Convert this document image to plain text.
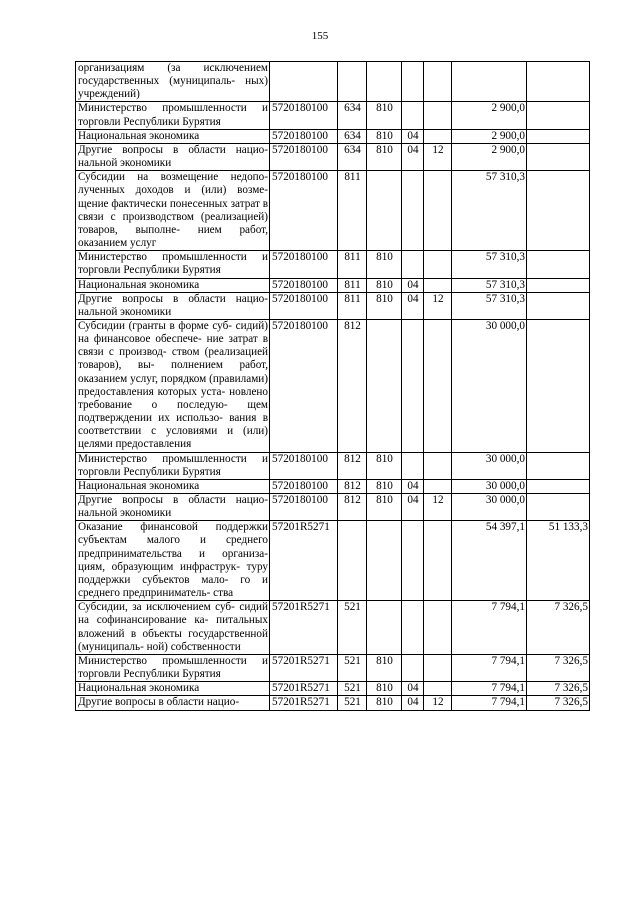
155
организациям (за исключением государственных (муниципаль- ных) учреждений)							
Министерство промышленности и торговли Республики Бурятия	5720180100	634	810			2 900,0	
Национальная экономика	5720180100	634	810	04		2 900,0	
Другие вопросы в области нацио- нальной экономики	5720180100	634	810	04	12	2 900,0	
Субсидии на возмещение недопо- лученных доходов и (или) возме- щение фактически понесенных затрат в связи с производством (реализацией) товаров, выполне- нием работ, оказанием услуг	5720180100	811				57 310,3	
Министерство промышленности и торговли Республики Бурятия	5720180100	811	810			57 310,3	
Национальная экономика	5720180100	811	810	04		57 310,3	
Другие вопросы в области нацио- нальной экономики	5720180100	811	810	04	12	57 310,3	
Субсидии (гранты в форме суб- сидий) на финансовое обеспече- ние затрат в связи с производ- ством (реализацией товаров), вы- полнением работ, оказанием услуг, порядком (правилами) предоставления которых уста- новлено требование о последую- щем подтверждении их использо- вания в соответствии с условиями и (или) целями предоставления	5720180100	812				30 000,0	
Министерство промышленности и торговли Республики Бурятия	5720180100	812	810			30 000,0	
Национальная экономика	5720180100	812	810	04		30 000,0	
Другие вопросы в области нацио- нальной экономики	5720180100	812	810	04	12	30 000,0	
Оказание финансовой поддержки субъектам малого и среднего предпринимательства и организа- циям, образующим инфраструк- туру поддержки субъектов мало- го и среднего предприниматель- ства	57201R5271					54 397,1	51 133,3
Субсидии, за исключением суб- сидий на софинансирование ка- питальных вложений в объекты государственной (муниципаль- ной) собственности	57201R5271	521				7 794,1	7 326,5
Министерство промышленности и торговли Республики Бурятия	57201R5271	521	810			7 794,1	7 326,5
Национальная экономика	57201R5271	521	810	04		7 794,1	7 326,5
Другие вопросы в области нацио-	57201R5271	521	810	04	12	7 794,1	7 326,5
